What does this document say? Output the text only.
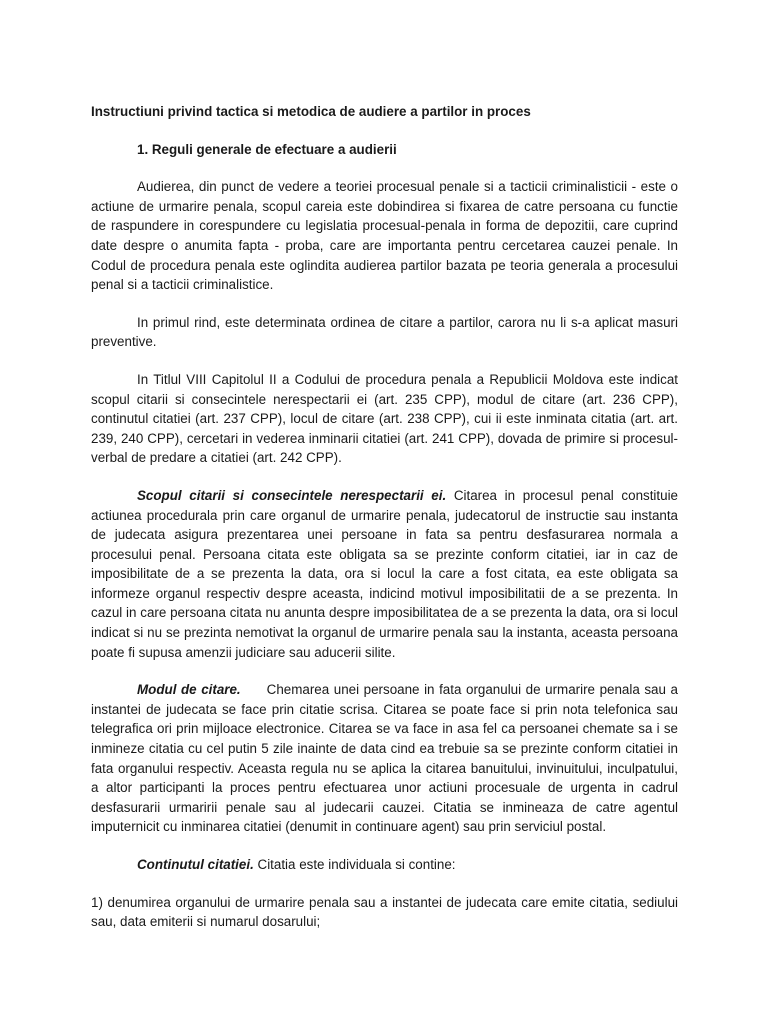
Instructiuni privind tactica si metodica de audiere a partilor in proces

1. Reguli generale de efectuare a audierii

Audierea, din punct de vedere a teoriei procesual penale si a tacticii criminalisticii - este o actiune de urmarire penala, scopul careia este dobindirea si fixarea de catre persoana cu functie de raspundere in corespundere cu legislatia procesual-penala in forma de depozitii, care cuprind date despre o anumita fapta - proba, care are importanta pentru cercetarea cauzei penale. In Codul de procedura penala este oglindita audierea partilor bazata pe teoria generala a procesului penal si a tacticii criminalistice.

In primul rind, este determinata ordinea de citare a partilor, carora nu li s-a aplicat masuri preventive.

In Titlul VIII Capitolul II a Codului de procedura penala a Republicii Moldova este indicat scopul citarii si consecintele nerespectarii ei (art. 235 CPP), modul de citare (art. 236 CPP), continutul citatiei (art. 237 CPP), locul de citare (art. 238 CPP), cui ii este inminata citatia (art. art. 239, 240 CPP), cercetari in vederea inminarii citatiei (art. 241 CPP), dovada de primire si procesul-verbal de predare a citatiei (art. 242 CPP).

Scopul citarii si consecintele nerespectarii ei. Citarea in procesul penal constituie actiunea procedurala prin care organul de urmarire penala, judecatorul de instructie sau instanta de judecata asigura prezentarea unei persoane in fata sa pentru desfasurarea normala a procesului penal. Persoana citata este obligata sa se prezinte conform citatiei, iar in caz de imposibilitate de a se prezenta la data, ora si locul la care a fost citata, ea este obligata sa informeze organul respectiv despre aceasta, indicind motivul imposibilitatii de a se prezenta. In cazul in care persoana citata nu anunta despre imposibilitatea de a se prezenta la data, ora si locul indicat si nu se prezinta nemotivat la organul de urmarire penala sau la instanta, aceasta persoana poate fi supusa amenzii judiciare sau aducerii silite.

Modul de citare. Chemarea unei persoane in fata organului de urmarire penala sau a instantei de judecata se face prin citatie scrisa. Citarea se poate face si prin nota telefonica sau telegrafica ori prin mijloace electronice. Citarea se va face in asa fel ca persoanei chemate sa i se inmineze citatia cu cel putin 5 zile inainte de data cind ea trebuie sa se prezinte conform citatiei in fata organului respectiv. Aceasta regula nu se aplica la citarea banuitului, invinuitului, inculpatului, a altor participanti la proces pentru efectuarea unor actiuni procesuale de urgenta in cadrul desfasurarii urmaririi penale sau al judecarii cauzei. Citatia se inmineaza de catre agentul imputernicit cu inminarea citatiei (denumit in continuare agent) sau prin serviciul postal.

Continutul citatiei. Citatia este individuala si contine:

1) denumirea organului de urmarire penala sau a instantei de judecata care emite citatia, sediului sau, data emiterii si numarul dosarului;
